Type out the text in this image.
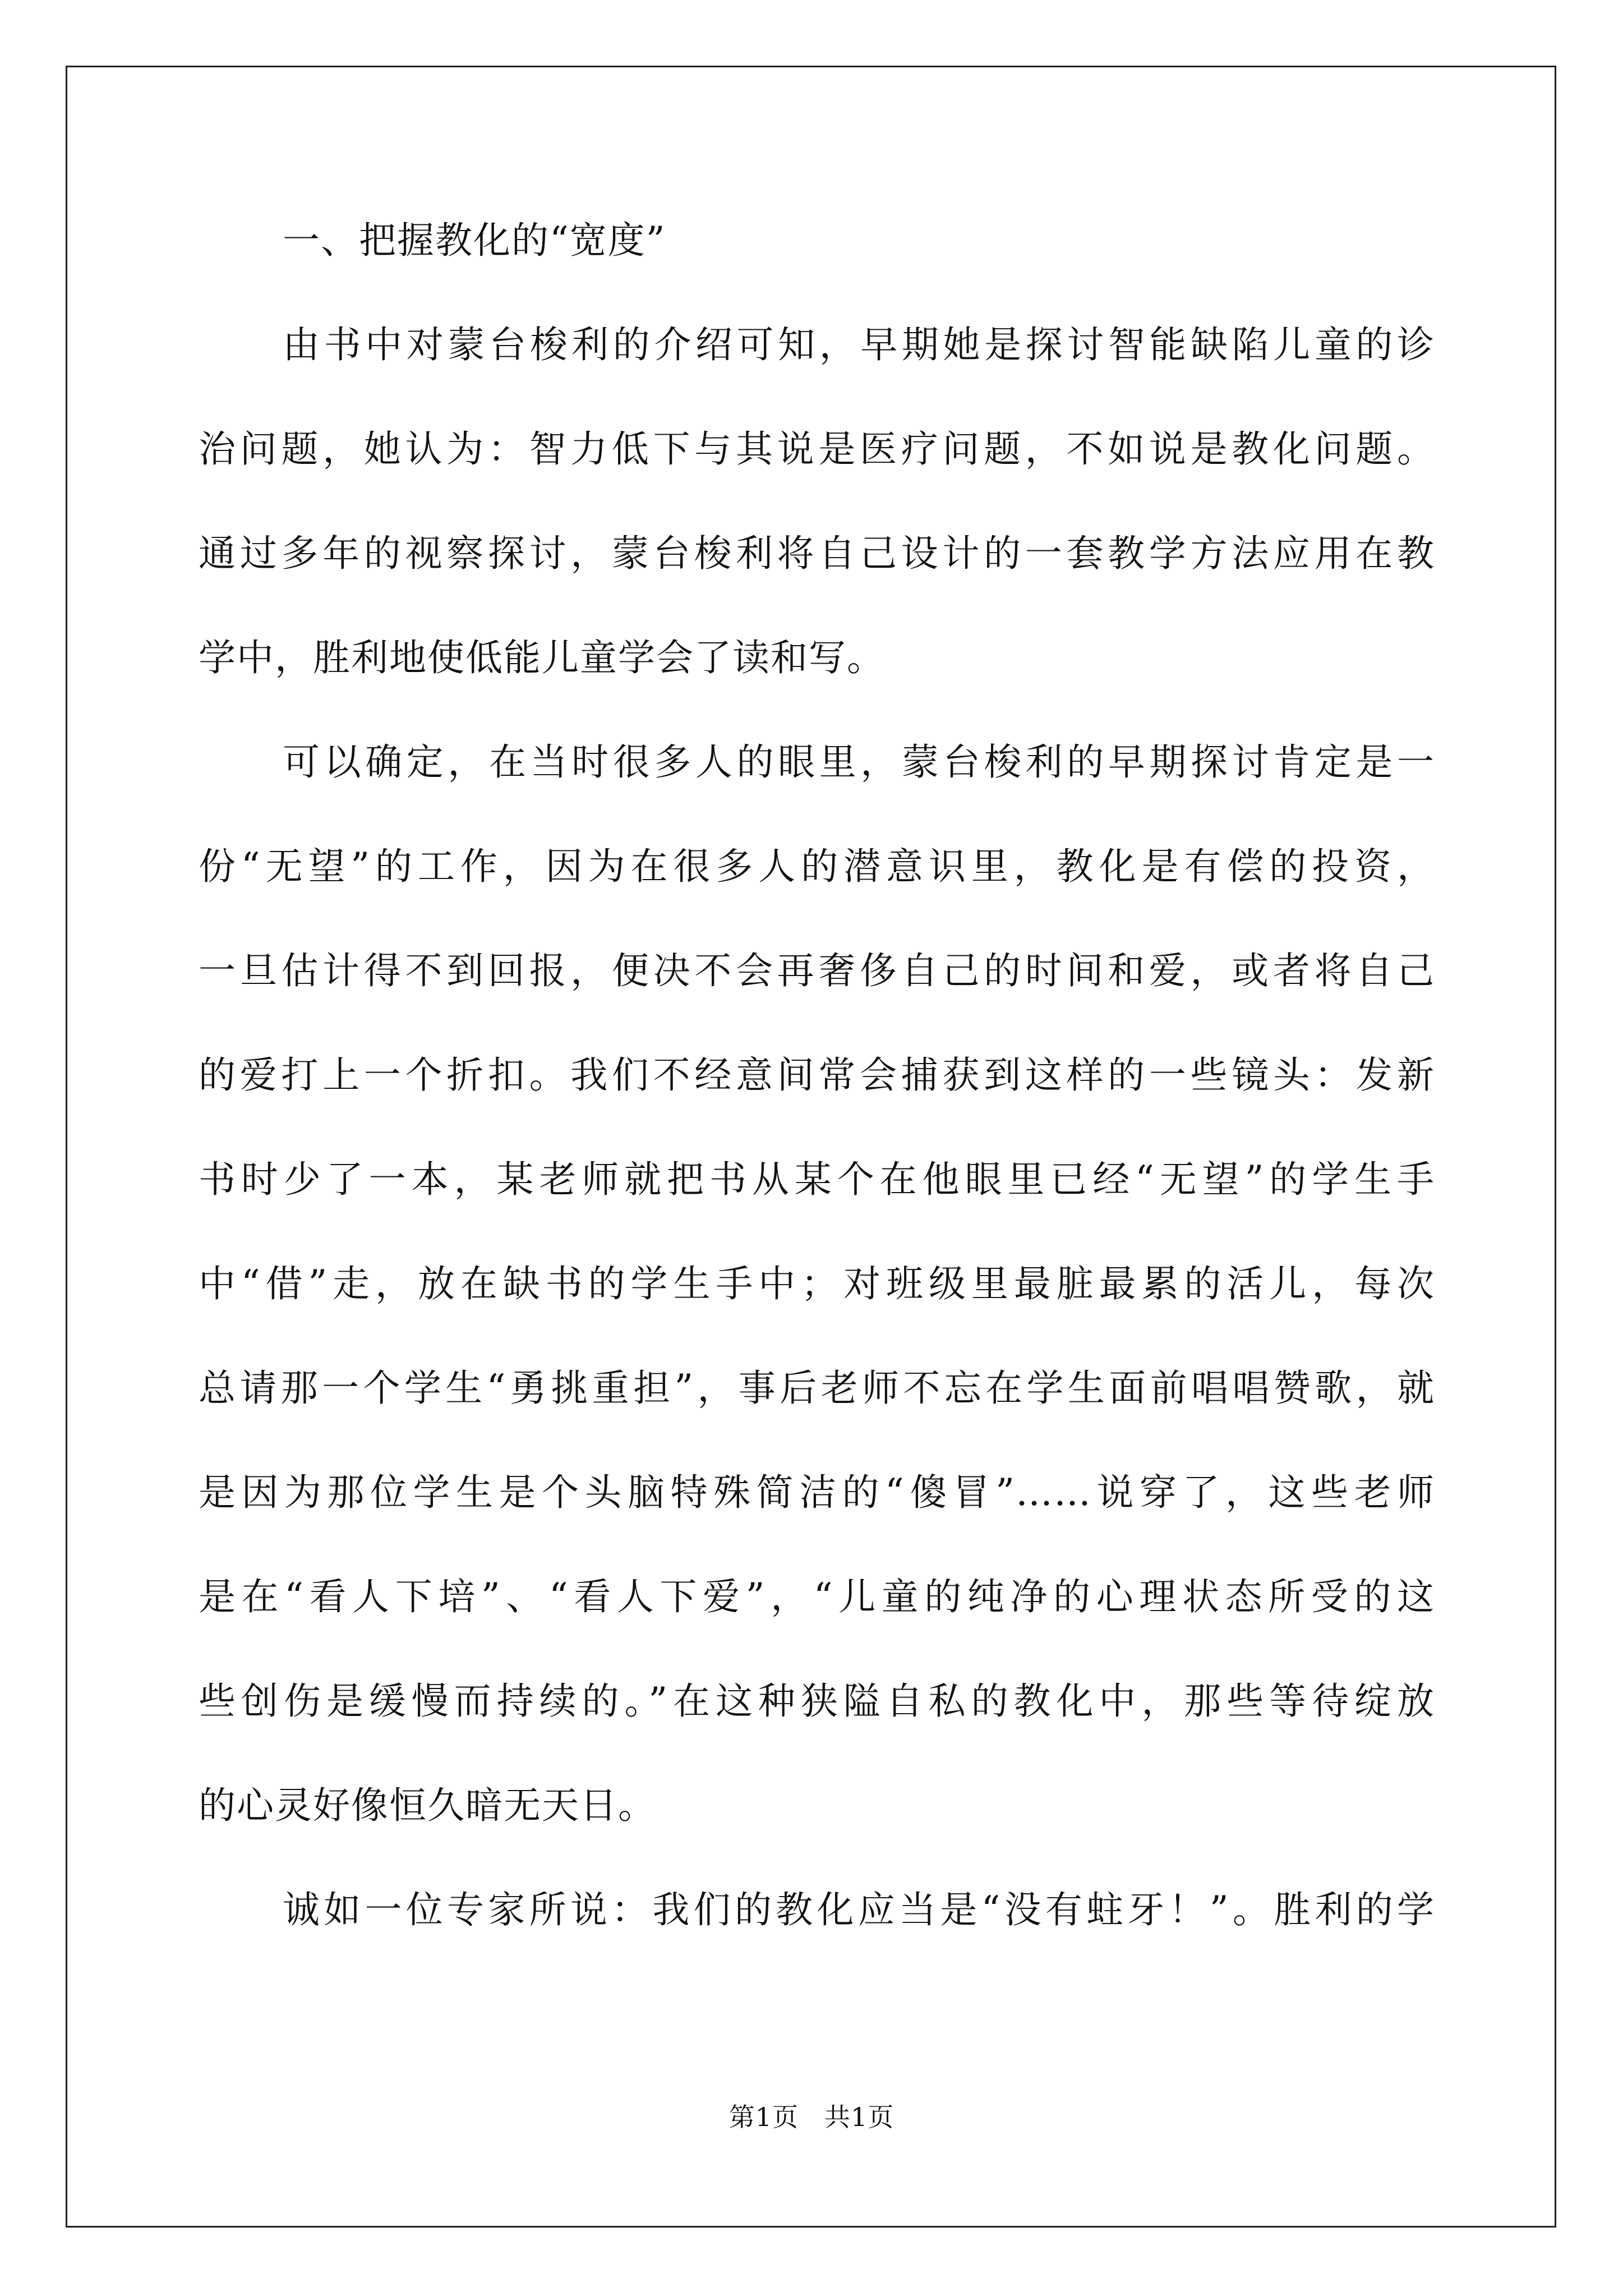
一、把握教化的“宽度”
由书中对蒙台梭利的介绍可知，早期她是探讨智能缺陷儿童的诊
治问题，她认为：智力低下与其说是医疗问题，不如说是教化问题。
通过多年的视察探讨，蒙台梭利将自己设计的一套教学方法应用在教
学中，胜利地使低能儿童学会了读和写。
可以确定，在当时很多人的眼里，蒙台梭利的早期探讨肯定是一
份“无望”的工作，因为在很多人的潜意识里，教化是有偿的投资，
一旦估计得不到回报，便决不会再奢侈自己的时间和爱，或者将自己
的爱打上一个折扣。我们不经意间常会捕获到这样的一些镜头：发新
书时少了一本，某老师就把书从某个在他眼里已经“无望”的学生手
中“借”走，放在缺书的学生手中；对班级里最脏最累的活儿，每次
总请那一个学生“勇挑重担”，事后老师不忘在学生面前唱唱赞歌，就
是因为那位学生是个头脑特殊简洁的“傻冒”……说穿了，这些老师
是在“看人下培”、“看人下爱”，“儿童的纯净的心理状态所受的这
些创伤是缓慢而持续的。”在这种狭隘自私的教化中，那些等待绽放
的心灵好像恒久暗无天日。
诚如一位专家所说：我们的教化应当是“没有蛀牙！”。胜利的学
第1页 共1页
